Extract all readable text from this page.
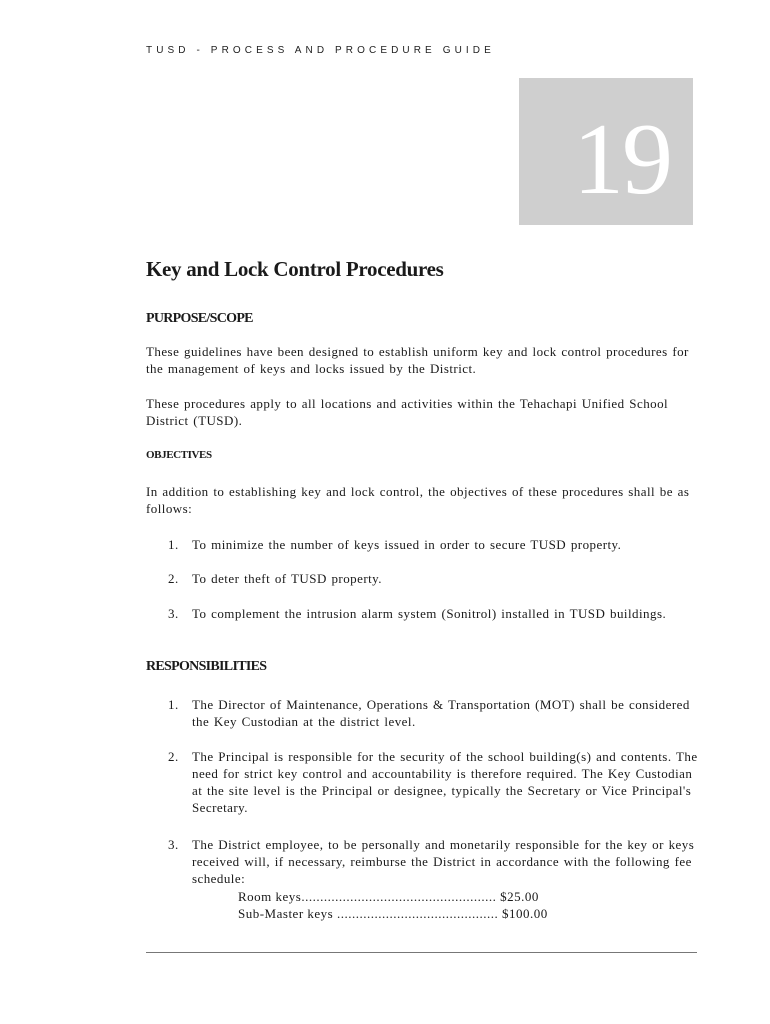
TUSD - PROCESS AND PROCEDURE GUIDE
19
Key and Lock Control Procedures
PURPOSE/SCOPE

These guidelines have been designed to establish uniform key and lock control procedures for the management of keys and locks issued by the District.

These procedures apply to all locations and activities within the Tehachapi Unified School District (TUSD).

OBJECTIVES

In addition to establishing key and lock control, the objectives of these procedures shall be as follows:

1.	To minimize the number of keys issued in order to secure TUSD property.
2.	To deter theft of TUSD property.
3.	To complement the intrusion alarm system (Sonitrol) installed in TUSD buildings.
RESPONSIBILITIES
1.	The Director of Maintenance, Operations & Transportation (MOT) shall be considered the Key Custodian at the district level.
2.	The Principal is responsible for the security of the school building(s) and contents. The need for strict key control and accountability is therefore required. The Key Custodian at the site level is the Principal or designee, typically the Secretary or Vice Principal's Secretary.
3.	The District employee, to be personally and monetarily responsible for the key or keys received will, if necessary, reimburse the District in accordance with the following fee schedule:
Room keys.................................................... $25.00
Sub-Master keys ........................................... $100.00
